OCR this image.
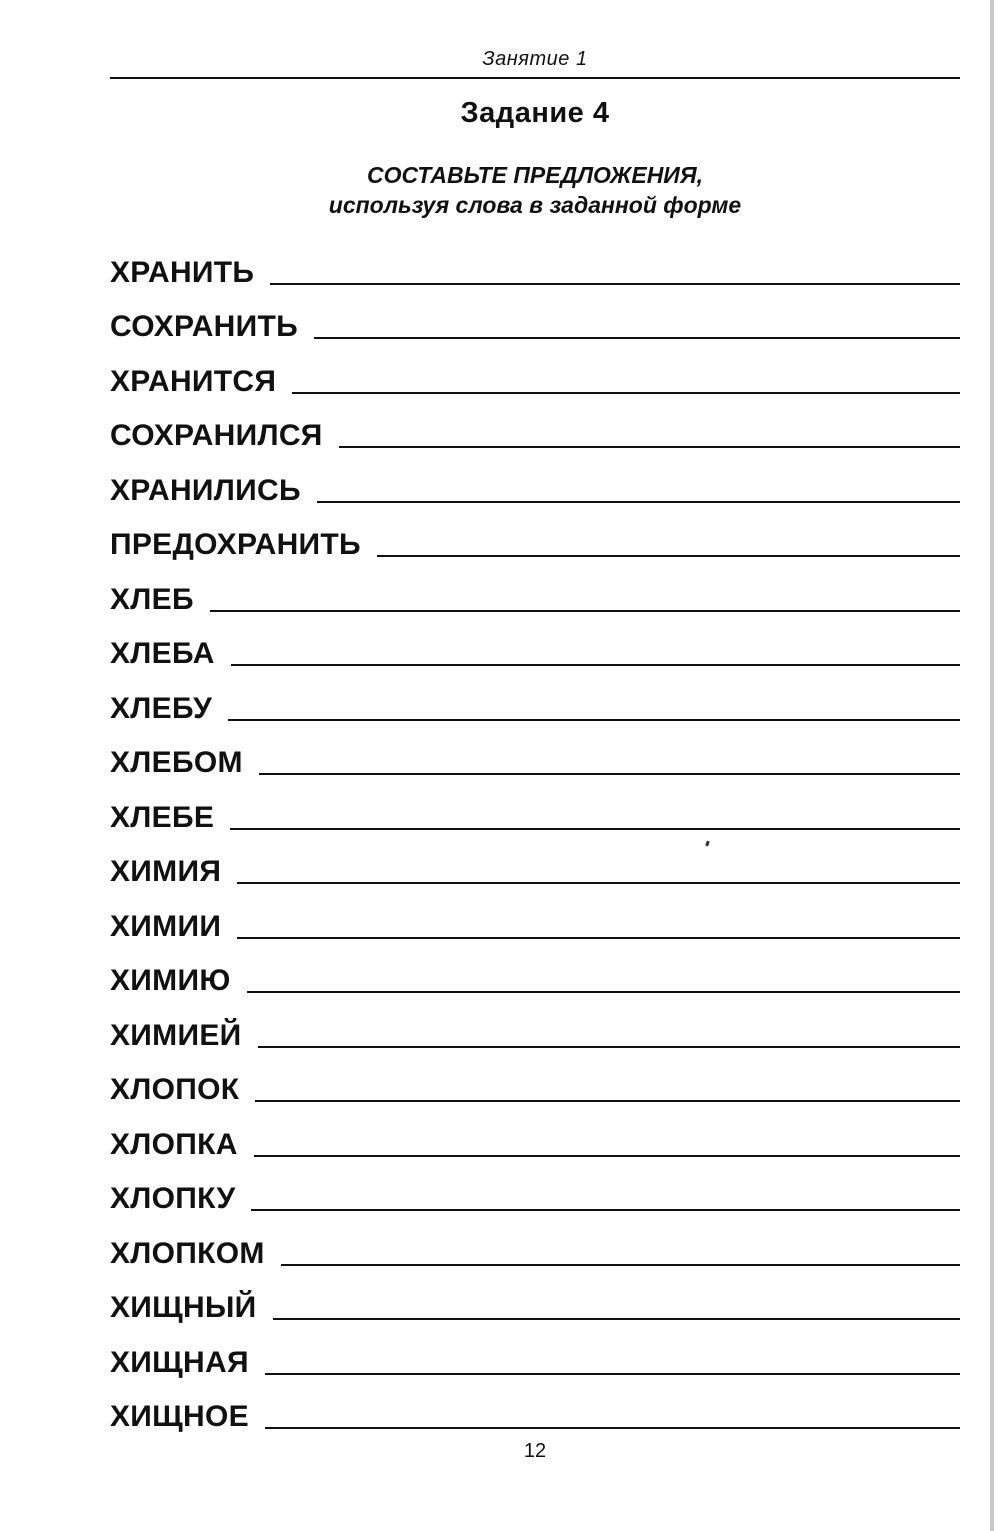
Занятие 1
Задание 4
СОСТАВЬТЕ ПРЕДЛОЖЕНИЯ,
используя слова в заданной форме
ХРАНИТЬ
СОХРАНИТЬ
ХРАНИТСЯ
СОХРАНИЛСЯ
ХРАНИЛИСЬ
ПРЕДОХРАНИТЬ
ХЛЕБ
ХЛЕБА
ХЛЕБУ
ХЛЕБОМ
ХЛЕБЕ
ХИМИЯ
ХИМИИ
ХИМИЮ
ХИМИЕЙ
ХЛОПОК
ХЛОПКА
ХЛОПКУ
ХЛОПКОМ
ХИЩНЫЙ
ХИЩНАЯ
ХИЩНОЕ
12
